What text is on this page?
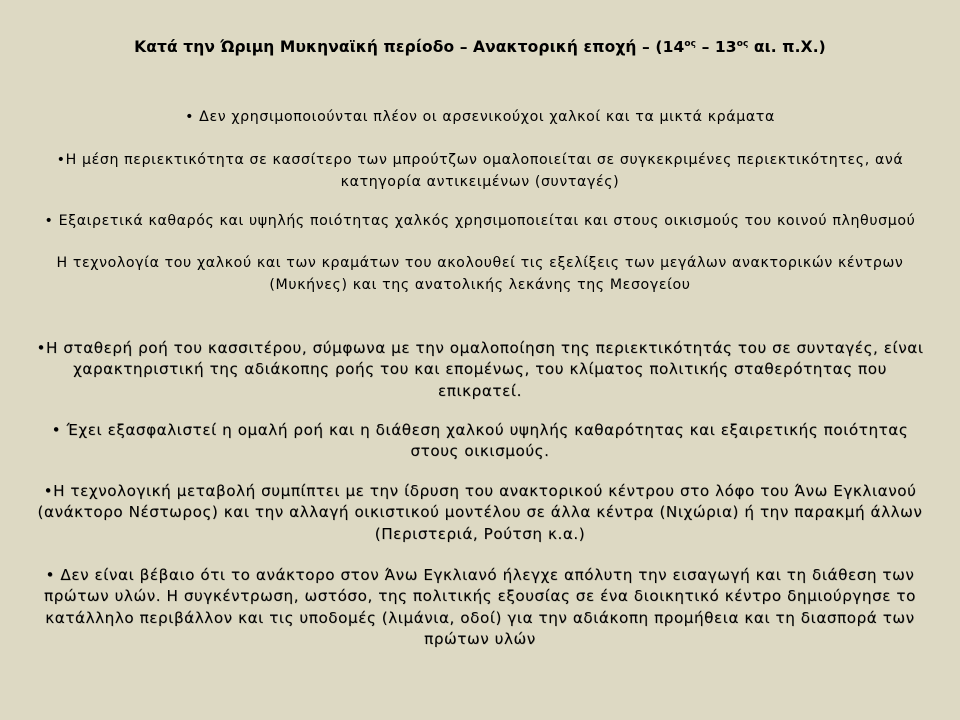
Κατά την Ώριμη Μυκηναϊκή περίοδο – Ανακτορική εποχή – ($14^{o\varsigma} - 13^{o\varsigma}$ αι. π.Χ.)
• Δεν χρησιμοποιούνται πλέον οι αρσενικούχοι χαλκοί και τα μικτά κράματα
•Η μέση περιεκτικότητα σε κασσίτερο των μπρούτζων ομαλοποιείται σε συγκεκριμένες περιεκτικότητες, ανά
κατηγορία αντικειμένων (συνταγές)
• Εξαιρετικά καθαρός και υψηλής ποιότητας χαλκός χρησιμοποιείται και στους οικισμούς του κοινού πληθυσμού
Η τεχνολογία του χαλκού και των κραμάτων του ακολουθεί τις εξελίξεις των μεγάλων ανακτορικών κέντρων
(Μυκήνες) και της ανατολικής λεκάνης της Μεσογείου
•Η σταθερή ροή του κασσιτέρου, σύμφωνα με την ομαλοποίηση της περιεκτικότητάς του σε συνταγές, είναι
χαρακτηριστική της αδιάκοπης ροής του και επομένως, του κλίματος πολιτικής σταθερότητας που
επικρατεί.
• Έχει εξασφαλιστεί η ομαλή ροή και η διάθεση χαλκού υψηλής καθαρότητας και εξαιρετικής ποιότητας
στους οικισμούς.
•Η τεχνολογική μεταβολή συμπίπτει με την ίδρυση του ανακτορικού κέντρου στο λόφο του Άνω Εγκλιανού
(ανάκτορο Νέστωρος) και την αλλαγή οικιστικού μοντέλου σε άλλα κέντρα (Νιχώρια) ή την παρακμή άλλων
(Περιστεριά, Ρούτση κ.α.)
• Δεν είναι βέβαιο ότι το ανάκτορο στον Άνω Εγκλιανό ήλεγχε απόλυτη την εισαγωγή και τη διάθεση των
πρώτων υλών. Η συγκέντρωση, ωστόσο, της πολιτικής εξουσίας σε ένα διοικητικό κέντρο δημιούργησε το
κατάλληλο περιβάλλον και τις υποδομές (λιμάνια, οδοί) για την αδιάκοπη προμήθεια και τη διασπορά των
πρώτων υλών
